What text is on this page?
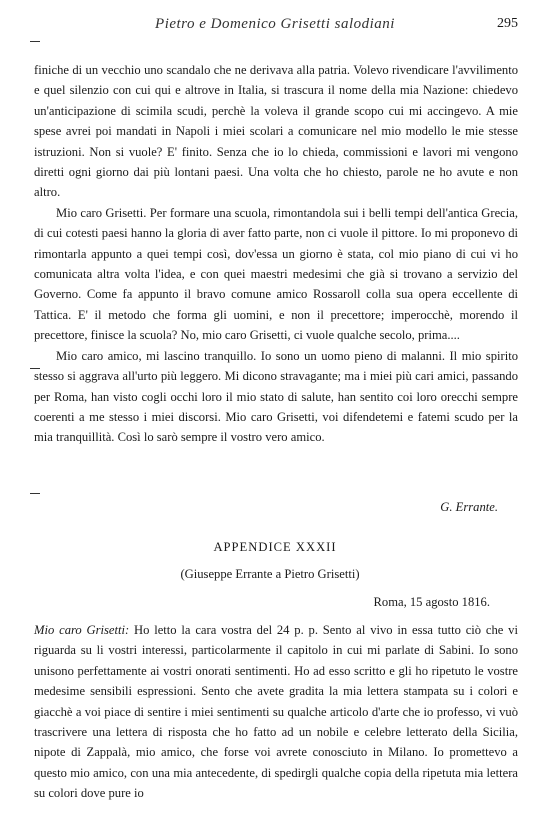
Pietro e Domenico Grisetti salodiani	295

finiche di un vecchio uno scandalo che ne derivava alla patria. Volevo rivendicare l'avvilimento e quel silenzio con cui qui e altrove in Italia, si trascura il nome della mia Nazione: chiedevo un'anticipazione di scimila scudi, perchè la voleva il grande scopo cui mi accingevo. A mie spese avrei poi mandati in Napoli i miei scolari a comunicare nel mio modello le mie stesse istruzioni. Non si vuole? E' finito. Senza che io lo chieda, commissioni e lavori mi vengono diretti ogni giorno dai più lontani paesi. Una volta che ho chiesto, parole ne ho avute e non altro.

Mio caro Grisetti. Per formare una scuola, rimontandola sui i belli tempi dell'antica Grecia, di cui cotesti paesi hanno la gloria di aver fatto parte, non ci vuole il pittore. Io mi proponevo di rimontarla appunto a quei tempi così, dov'essa un giorno è stata, col mio piano di cui vi ho comunicata altra volta l'idea, e con quei maestri medesimi che già si trovano a servizio del Governo. Come fa appunto il bravo comune amico Rossaroll colla sua opera eccellente di Tattica. E' il metodo che forma gli uomini, e non il precettore; imperocchè, morendo il precettore, finisce la scuola? No, mio caro Grisetti, ci vuole qualche secolo, prima....

Mio caro amico, mi lascino tranquillo. Io sono un uomo pieno di malanni. Il mio spirito stesso si aggrava all'urto più leggero. Mi dicono stravagante; ma i miei più cari amici, passando per Roma, han visto cogli occhi loro il mio stato di salute, han sentito coi loro orecchi sempre coerenti a me stesso i miei discorsi. Mio caro Grisetti, voi difendetemi e fatemi scudo per la mia tranquillità. Così lo sarò sempre il vostro vero amico.

G. Errante.
APPENDICE XXXII
(Giuseppe Errante a Pietro Grisetti)
Roma, 15 agosto 1816.

Mio caro Grisetti: Ho letto la cara vostra del 24 p. p. Sento al vivo in essa tutto ciò che vi riguarda su li vostri interessi, particolarmente il capitolo in cui mi parlate di Sabini. Io sono unisono perfettamente ai vostri onorati sentimenti. Ho ad esso scritto e gli ho ripetuto le vostre medesime sensibili espressioni. Sento che avete gradita la mia lettera stampata su i colori e giacchè a voi piace di sentire i miei sentimenti su qualche articolo d'arte che io professo, vi vuò trascrivere una lettera di risposta che ho fatto ad un nobile e celebre letterato della Sicilia, nipote di Zappalà, mio amico, che forse voi avrete conosciuto in Milano. Io promettevo a questo mio amico, con una mia antecedente, di spedirgli qualche copia della ripetuta mia lettera su colori dove pure io
